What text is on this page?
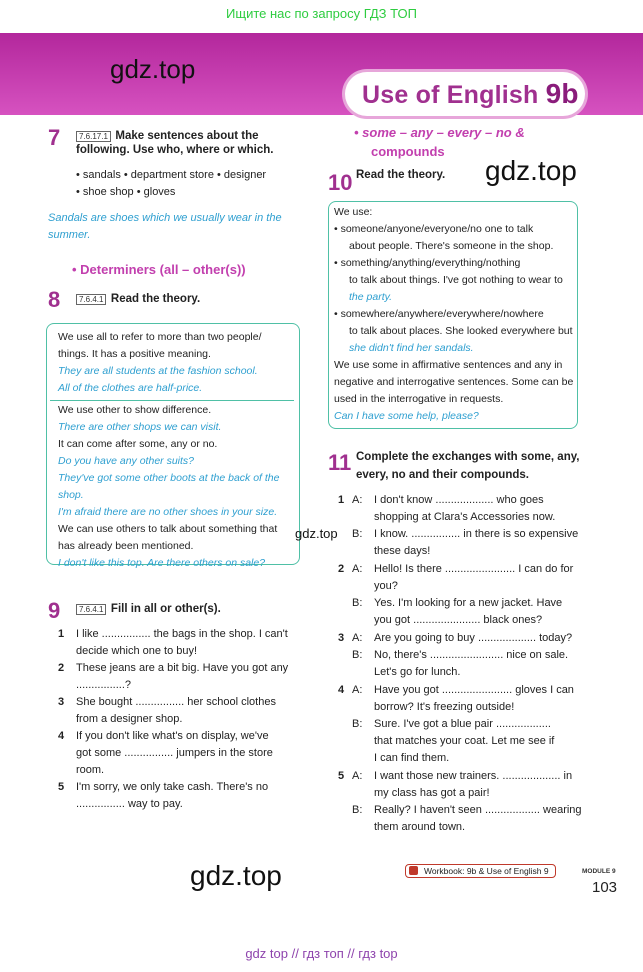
Ищите нас по запросу ГДЗ ТОП
gdz.top
Use of English 9b
7	7.6.17.1 Make sentences about the
following. Use who, where or which.
• sandals • department store • designer
• shoe shop • gloves
Sandals are shoes which we usually wear in the
summer.
• Determiners (all – other(s))
8	7.6.4.1 Read the theory.
We use all to refer to more than two people/
things. It has a positive meaning.
They are all students at the fashion school.
All of the clothes are half-price.
We use other to show difference.
There are other shops we can visit.
It can come after some, any or no.
Do you have any other suits?
They've got some other boots at the back of the shop.
I'm afraid there are no other shoes in your size.
We can use others to talk about something that
has already been mentioned.
I don't like this top. Are there others on sale?
gdz.top
9	7.6.4.1 Fill in all or other(s).
1 I like ................ the bags in the shop. I can't
decide which one to buy!
2 These jeans are a bit big. Have you got any
................?
3 She bought ................ her school clothes
from a designer shop.
4 If you don't like what's on display, we've
got some ................ jumpers in the store
room.
5 I'm sorry, we only take cash. There's no
................ way to pay.
gdz.top
• some – any – every – no &
compounds
10 Read the theory. gdz.top
We use:
• someone/anyone/everyone/no one to talk
about people. There's someone in the shop.
• something/anything/everything/nothing
to talk about things. I've got nothing to wear to
the party.
• somewhere/anywhere/everywhere/nowhere
to talk about places. She looked everywhere but
she didn't find her sandals.
We use some in affirmative sentences and any in
negative and interrogative sentences. Some can be
used in the interrogative in requests.
Can I have some help, please?
11 Complete the exchanges with some, any,
every, no and their compounds.
1 A: I don't know ................... who goes
shopping at Clara's Accessories now.
B: I know. ................ in there is so expensive
these days!
2 A: Hello! Is there ....................... I can do for
you?
B: Yes. I'm looking for a new jacket. Have
you got ...................... black ones?
3 A: Are you going to buy ................... today?
B: No, there's ........................ nice on sale.
Let's go for lunch.
4 A: Have you got ....................... gloves I can
borrow? It's freezing outside!
B: Sure. I've got a blue pair ..................
that matches your coat. Let me see if
I can find them.
5 A: I want those new trainers. ................... in
my class has got a pair!
B: Really? I haven't seen .................. wearing
them around town.
Workbook: 9b & Use of English 9	MODULE 9
103
gdz top // гдз топ // гдз top
